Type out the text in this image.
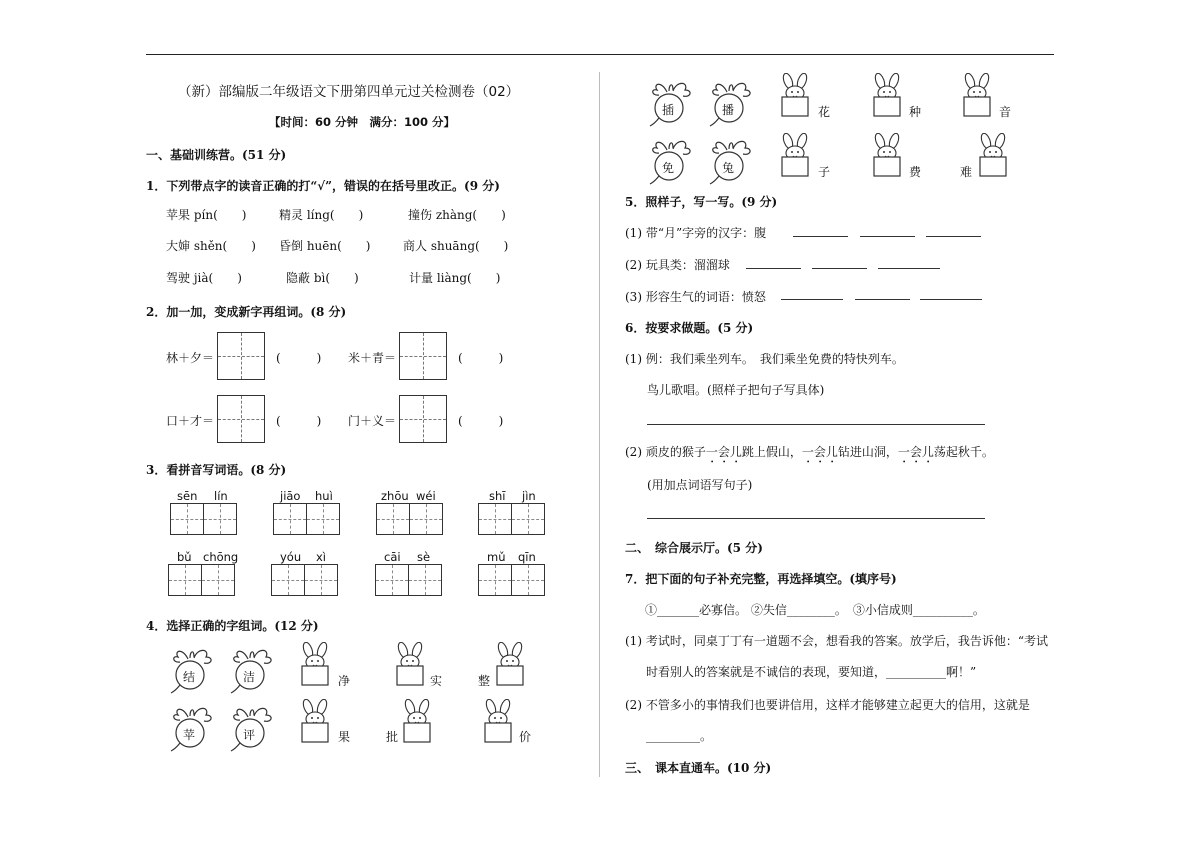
（新）部编版二年级语文下册第四单元过关检测卷（02）
【时间：60 分钟　满分：100 分】
一、基础训练营。(51 分)
1．下列带点字的读音正确的打“√”，错误的在括号里改正。(9 分)
苹果 pín(　　)	精灵 líng(　　)	撞伤 zhàng(　　)
大婶 shěn(　　) 昏倒 huēn(　　)	商人 shuāng(　　)
驾驶 jià(　　)	隐蔽 bì(　　)	计量 liàng(　　)
2．加一加，变成新字再组词。(8 分)
林＋夕＝	(　　　) 米＋青＝	(　　　)
口＋才＝	(　　　) 门＋义＝	(　　　)
3．看拼音写词语。(8 分)
sēn lín	jiāo huì	zhōu wéi	shī jìn
bǔ chōng	yóu xì	cāi sè	mǔ qīn
4．选择正确的字组词。(12 分)
结	洁
苹	评
净	实	整
果	批	价
插	播
免	兔
花	种	音
子	费	难
5．照样子，写一写。(9 分)
(1) 带“月”字旁的汉字：腹
(2) 玩具类：溜溜球
(3) 形容生气的词语：愤怒
6．按要求做题。(5 分)
(1) 例：我们乘坐列车。　我们乘坐免费的特快列车。
鸟儿歌唱。(照样子把句子写具体)
(2) 顽皮的猴子一会儿跳上假山，一会儿钻进山洞，一会儿荡起秋千。
(用加点词语写句子)
二、　综合展示厅。(5 分)
7．把下面的句子补充完整，再选择填空。(填序号)
①_______必寡信。 ②失信________。　③小信成则__________。
(1) 考试时，同桌丁丁有一道题不会，想看我的答案。放学后，我告诉他：“考试
时看别人的答案就是不诚信的表现，要知道，__________啊！”
(2) 不管多小的事情我们也要讲信用，这样才能够建立起更大的信用，这就是
_________。
三、　课本直通车。(10 分)
